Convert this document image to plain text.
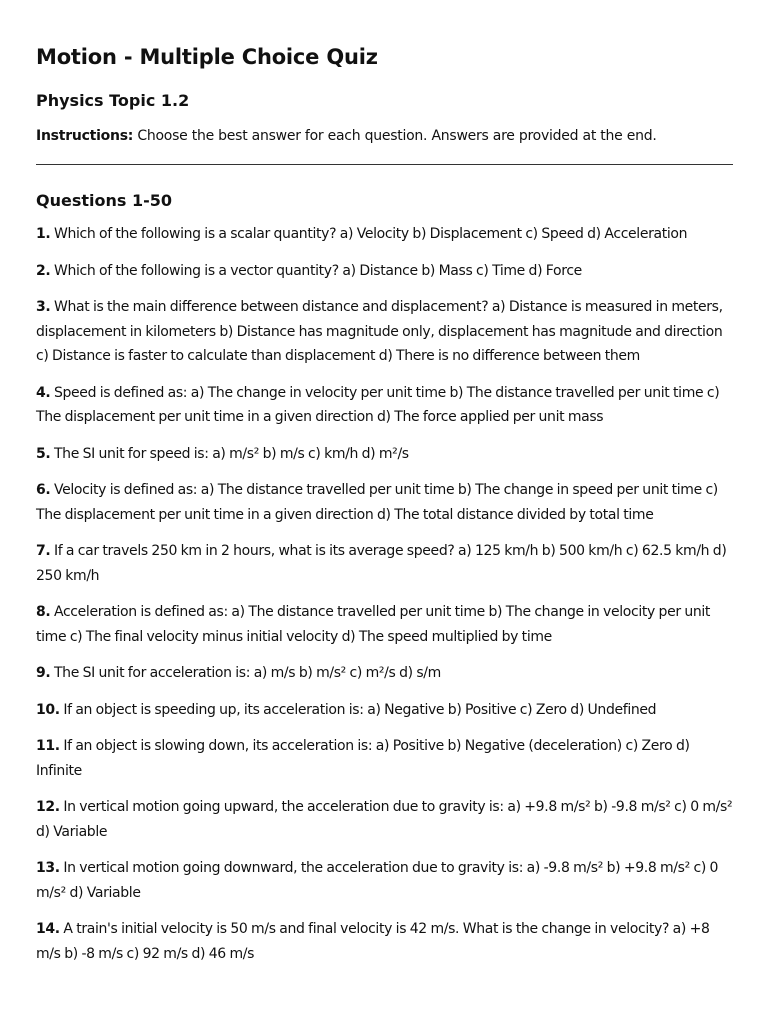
Motion - Multiple Choice Quiz
Physics Topic 1.2

Instructions: Choose the best answer for each question. Answers are provided at the end.

Questions 1-50

1. Which of the following is a scalar quantity? a) Velocity b) Displacement c) Speed d) Acceleration

2. Which of the following is a vector quantity? a) Distance b) Mass c) Time d) Force

3. What is the main difference between distance and displacement? a) Distance is measured in meters, displacement in kilometers b) Distance has magnitude only, displacement has magnitude and direction c) Distance is faster to calculate than displacement d) There is no difference between them

4. Speed is defined as: a) The change in velocity per unit time b) The distance travelled per unit time c) The displacement per unit time in a given direction d) The force applied per unit mass

5. The SI unit for speed is: a) m/s² b) m/s c) km/h d) m²/s

6. Velocity is defined as: a) The distance travelled per unit time b) The change in speed per unit time c) The displacement per unit time in a given direction d) The total distance divided by total time

7. If a car travels 250 km in 2 hours, what is its average speed? a) 125 km/h b) 500 km/h c) 62.5 km/h d) 250 km/h

8. Acceleration is defined as: a) The distance travelled per unit time b) The change in velocity per unit time c) The final velocity minus initial velocity d) The speed multiplied by time

9. The SI unit for acceleration is: a) m/s b) m/s² c) m²/s d) s/m

10. If an object is speeding up, its acceleration is: a) Negative b) Positive c) Zero d) Undefined

11. If an object is slowing down, its acceleration is: a) Positive b) Negative (deceleration) c) Zero d) Infinite

12. In vertical motion going upward, the acceleration due to gravity is: a) +9.8 m/s² b) -9.8 m/s² c) 0 m/s² d) Variable

13. In vertical motion going downward, the acceleration due to gravity is: a) -9.8 m/s² b) +9.8 m/s² c) 0 m/s² d) Variable

14. A train's initial velocity is 50 m/s and final velocity is 42 m/s. What is the change in velocity? a) +8 m/s b) -8 m/s c) 92 m/s d) 46 m/s
